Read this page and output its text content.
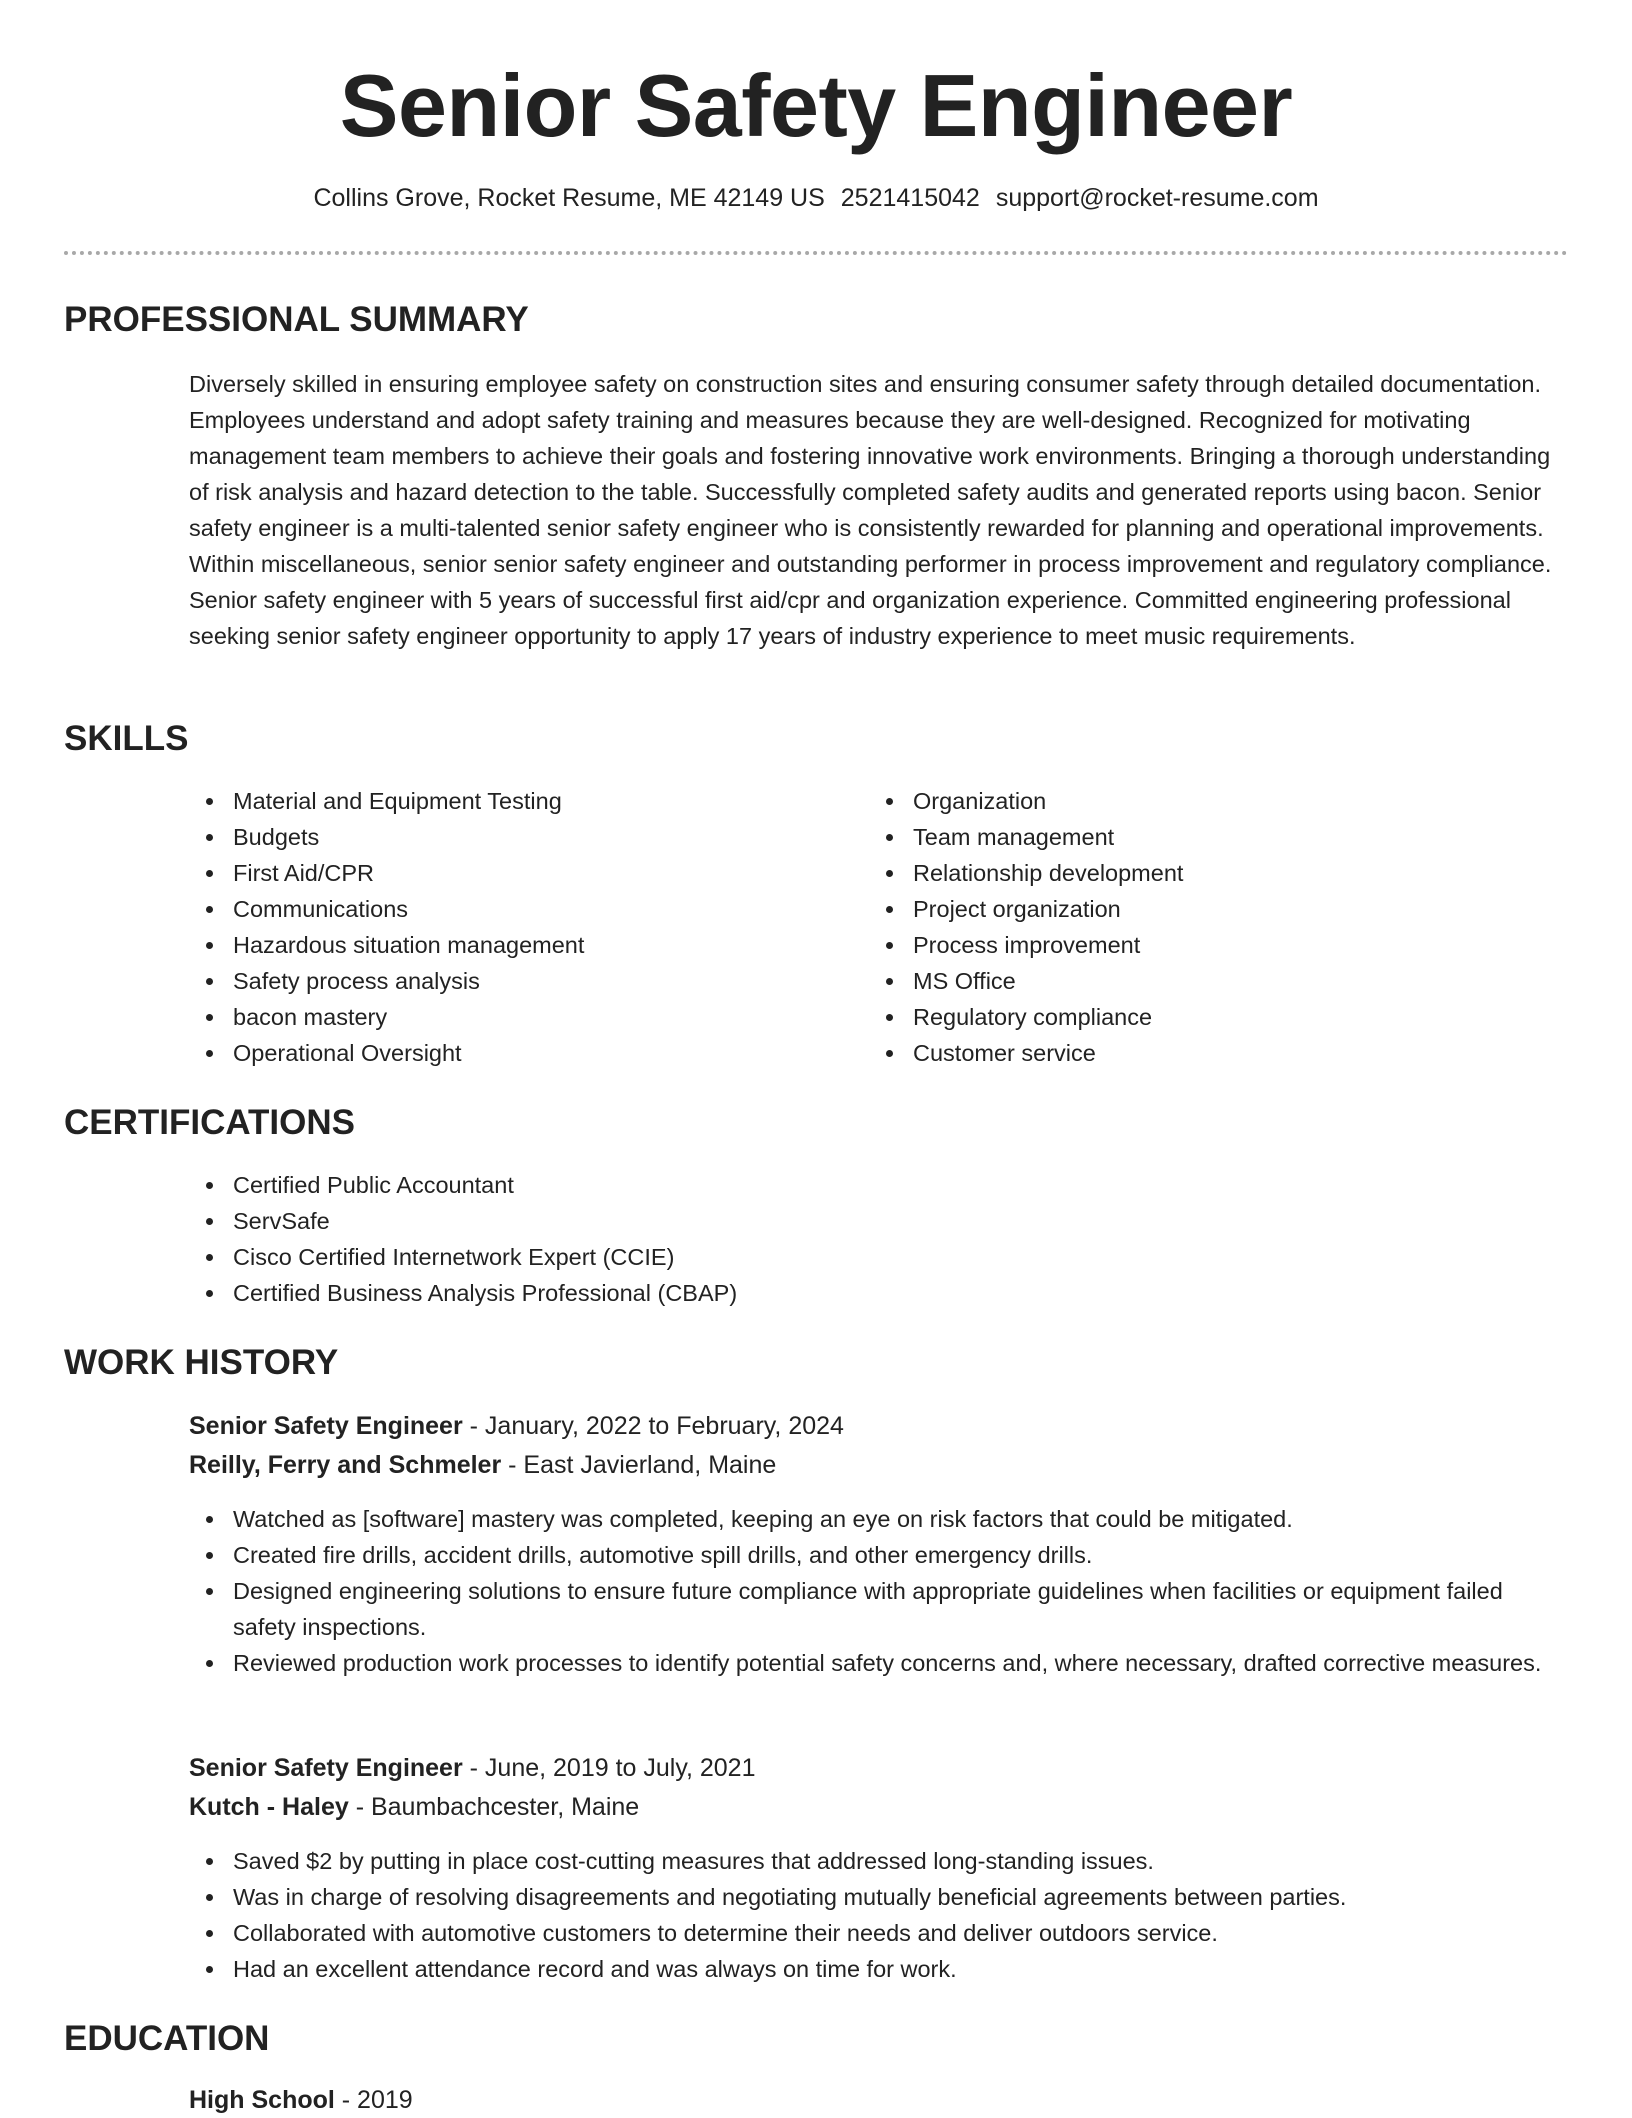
Senior Safety Engineer
Collins Grove, Rocket Resume, ME 42149 US 2521415042 support@rocket-resume.com
PROFESSIONAL SUMMARY

Diversely skilled in ensuring employee safety on construction sites and ensuring consumer safety through detailed documentation. Employees understand and adopt safety training and measures because they are well-designed. Recognized for motivating management team members to achieve their goals and fostering innovative work environments. Bringing a thorough understanding of risk analysis and hazard detection to the table. Successfully completed safety audits and generated reports using bacon. Senior safety engineer is a multi-talented senior safety engineer who is consistently rewarded for planning and operational improvements. Within miscellaneous, senior senior safety engineer and outstanding performer in process improvement and regulatory compliance. Senior safety engineer with 5 years of successful first aid/cpr and organization experience. Committed engineering professional seeking senior safety engineer opportunity to apply 17 years of industry experience to meet music requirements.

SKILLS
Material and Equipment Testing
Budgets
First Aid/CPR
Communications
Hazardous situation management
Safety process analysis
bacon mastery
Operational Oversight
Organization
Team management
Relationship development
Project organization
Process improvement
MS Office
Regulatory compliance
Customer service
CERTIFICATIONS
Certified Public Accountant
ServSafe
Cisco Certified Internetwork Expert (CCIE)
Certified Business Analysis Professional (CBAP)
WORK HISTORY
Senior Safety Engineer - January, 2022 to February, 2024
Reilly, Ferry and Schmeler - East Javierland, Maine
Watched as [software] mastery was completed, keeping an eye on risk factors that could be mitigated.
Created fire drills, accident drills, automotive spill drills, and other emergency drills.
Designed engineering solutions to ensure future compliance with appropriate guidelines when facilities or equipment failed safety inspections.
Reviewed production work processes to identify potential safety concerns and, where necessary, drafted corrective measures.
Senior Safety Engineer - June, 2019 to July, 2021
Kutch - Haley - Baumbachcester, Maine
Saved $2 by putting in place cost-cutting measures that addressed long-standing issues.
Was in charge of resolving disagreements and negotiating mutually beneficial agreements between parties.
Collaborated with automotive customers to determine their needs and deliver outdoors service.
Had an excellent attendance record and was always on time for work.
EDUCATION
High School - 2019
